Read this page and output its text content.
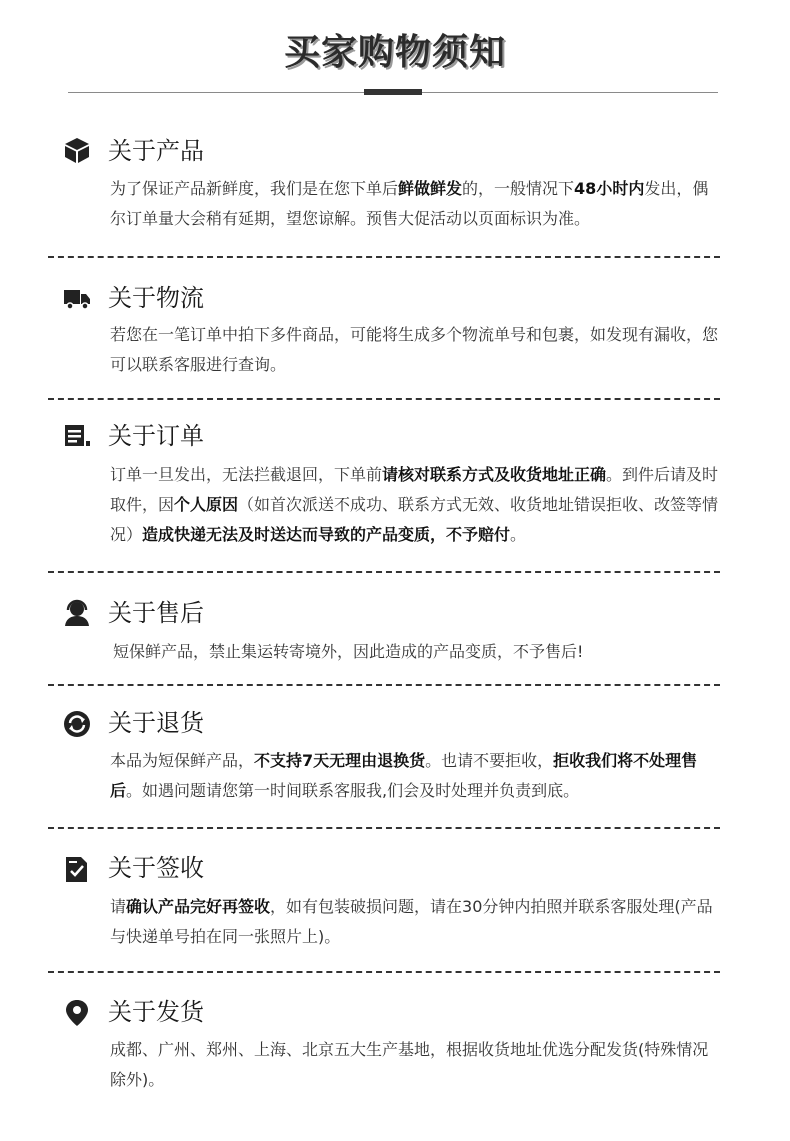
买家购物须知
关于产品
为了保证产品新鲜度，我们是在您下单后鲜做鲜发的，一般情况下48小时内发出，偶尔订单量大会稍有延期，望您谅解。预售大促活动以页面标识为准。
关于物流
若您在一笔订单中拍下多件商品，可能将生成多个物流单号和包裹，如发现有漏收，您可以联系客服进行查询。
关于订单
订单一旦发出，无法拦截退回，下单前请核对联系方式及收货地址正确。到件后请及时取件，因个人原因（如首次派送不成功、联系方式无效、收货地址错误拒收、改签等情况）造成快递无法及时送达而导致的产品变质，不予赔付。
关于售后
短保鲜产品，禁止集运转寄境外，因此造成的产品变质，不予售后!
关于退货
本品为短保鲜产品，不支持7天无理由退换货。也请不要拒收，拒收我们将不处理售后。如遇问题请您第一时间联系客服我,们会及时处理并负责到底。
关于签收
请确认产品完好再签收，如有包装破损问题，请在30分钟内拍照并联系客服处理(产品与快递单号拍在同一张照片上)。
关于发货
成都、广州、郑州、上海、北京五大生产基地，根据收货地址优选分配发货(特殊情况除外)。
